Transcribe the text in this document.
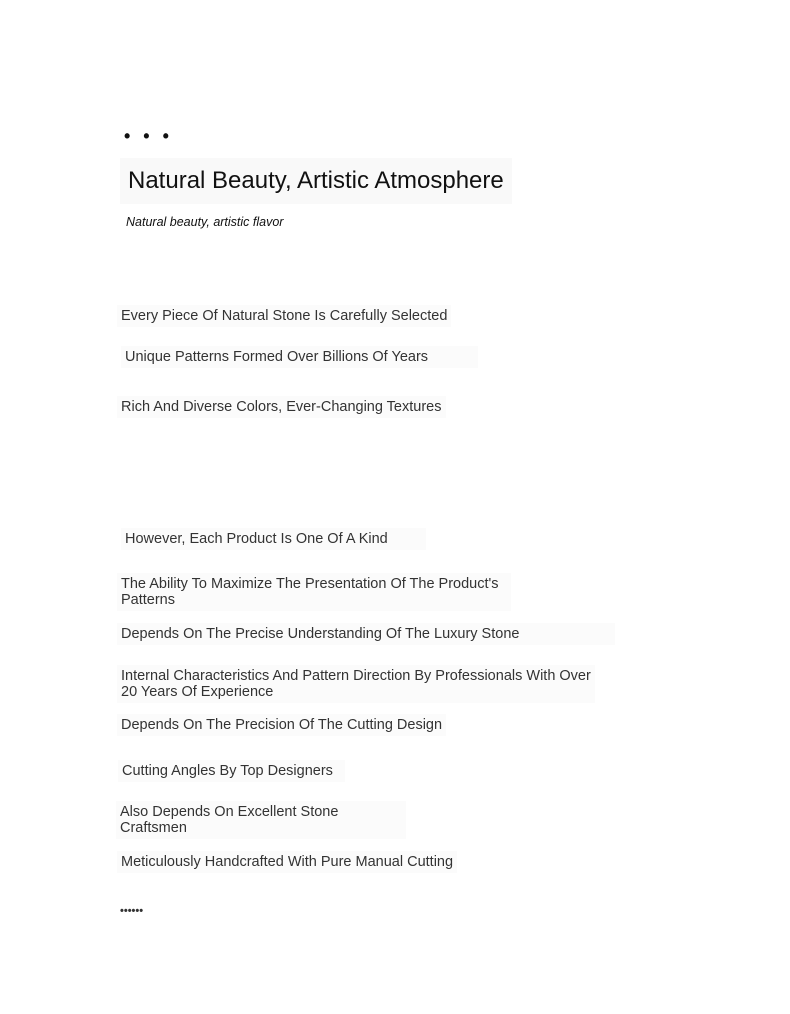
• • •
Natural Beauty, Artistic Atmosphere
Natural beauty, artistic flavor
Every Piece Of Natural Stone Is Carefully Selected
Unique Patterns Formed Over Billions Of Years
Rich And Diverse Colors, Ever-Changing Textures
However, Each Product Is One Of A Kind
The Ability To Maximize The Presentation Of The Product's Patterns
Depends On The Precise Understanding Of The Luxury Stone
Internal Characteristics And Pattern Direction By Professionals With Over 20 Years Of Experience
Depends On The Precision Of The Cutting Design
Cutting Angles By Top Designers
Also Depends On Excellent Stone Craftsmen
Meticulously Handcrafted With Pure Manual Cutting
••••••
